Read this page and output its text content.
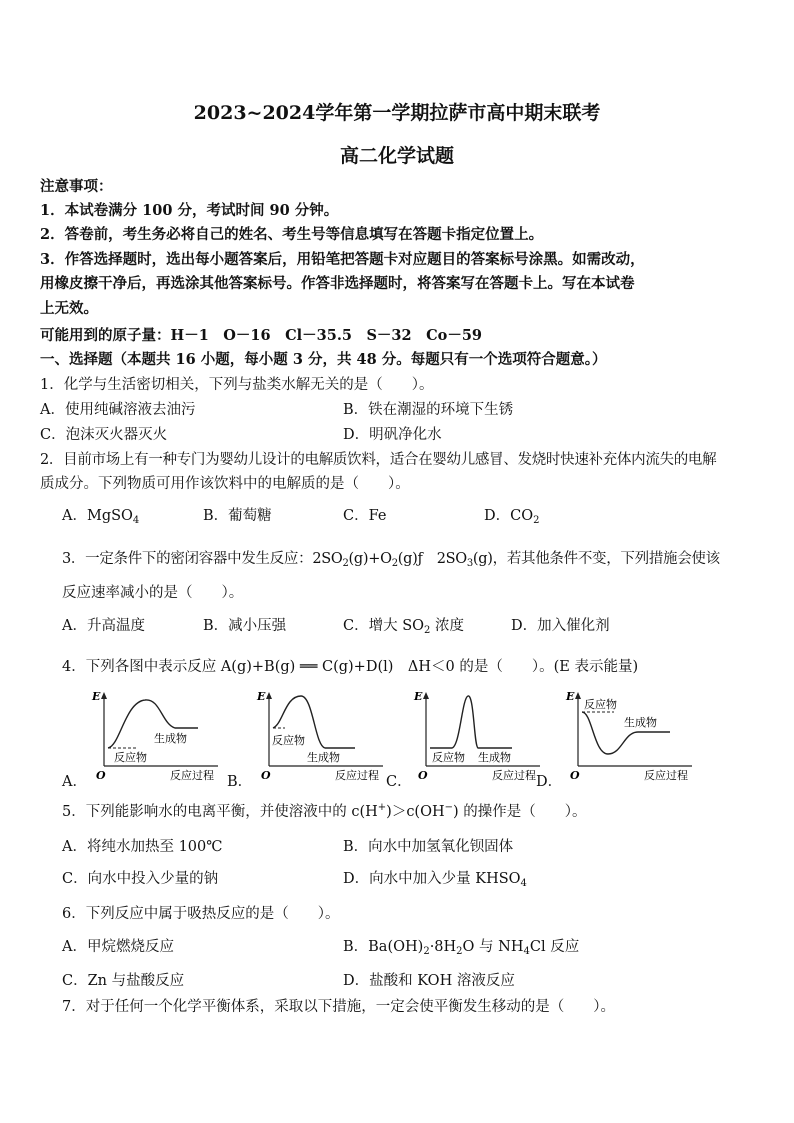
2023~2024学年第一学期拉萨市高中期末联考
高二化学试题
注意事项：
1．本试卷满分 100 分，考试时间 90 分钟。
2．答卷前，考生务必将自己的姓名、考生号等信息填写在答题卡指定位置上。
3．作答选择题时，选出每小题答案后，用铅笔把答题卡对应题目的答案标号涂黑。如需改动，
用橡皮擦干净后，再选涂其他答案标号。作答非选择题时，将答案写在答题卡上。写在本试卷
上无效。
可能用到的原子量：H－1　O－16　Cl－35.5　S－32　Co－59
一、选择题（本题共 16 小题，每小题 3 分，共 48 分。每题只有一个选项符合题意。）
1．化学与生活密切相关，下列与盐类水解无关的是（　　）。
A．使用纯碱溶液去油污	B．铁在潮湿的环境下生锈
C．泡沫灭火器灭火	D．明矾净化水
2．目前市场上有一种专门为婴幼儿设计的电解质饮料，适合在婴幼儿感冒、发烧时快速补充体内流失的电解
质成分。下列物质可用作该饮料中的电解质的是（　　）。
A．MgSO$_4$	B．葡萄糖	C．Fe	D．$CO_2$
3．一定条件下的密闭容器中发生反应：$2SO_2(g)+O_2(g)ƒ$　$2SO_3(g)$，若其他条件不变，下列措施会使该
反应速率减小的是（　　）。
A．升高温度	B．减小压强	C．增大 $SO_2$ 浓度	D．加入催化剂
4．下列各图中表示反应 A(g)+B(g) ══ C(g)+D(l)　ΔH＜0 的是（　　）。(E 表示能量)
A．
E
O	反应过程
反应物
生成物
B．
E
O	反应过程
反应物
生成物
C．
E
O	反应过程
反应物 生成物
D．
E
O	反应过程
反应物
生成物
5．下列能影响水的电离平衡，并使溶液中的 c(H+)＞c(OH−) 的操作是（　　）。
A．将纯水加热至 100℃	B．向水中加氢氧化钡固体
C．向水中投入少量的钠	D．向水中加入少量 $KHSO_4$
6．下列反应中属于吸热反应的是（　　）。
A．甲烷燃烧反应	B．$Ba(OH)_2\cdot 8H_2O$ 与 $NH_4Cl$ 反应
C．Zn 与盐酸反应	D．盐酸和 KOH 溶液反应
7．对于任何一个化学平衡体系，采取以下措施，一定会使平衡发生移动的是（　　）。
